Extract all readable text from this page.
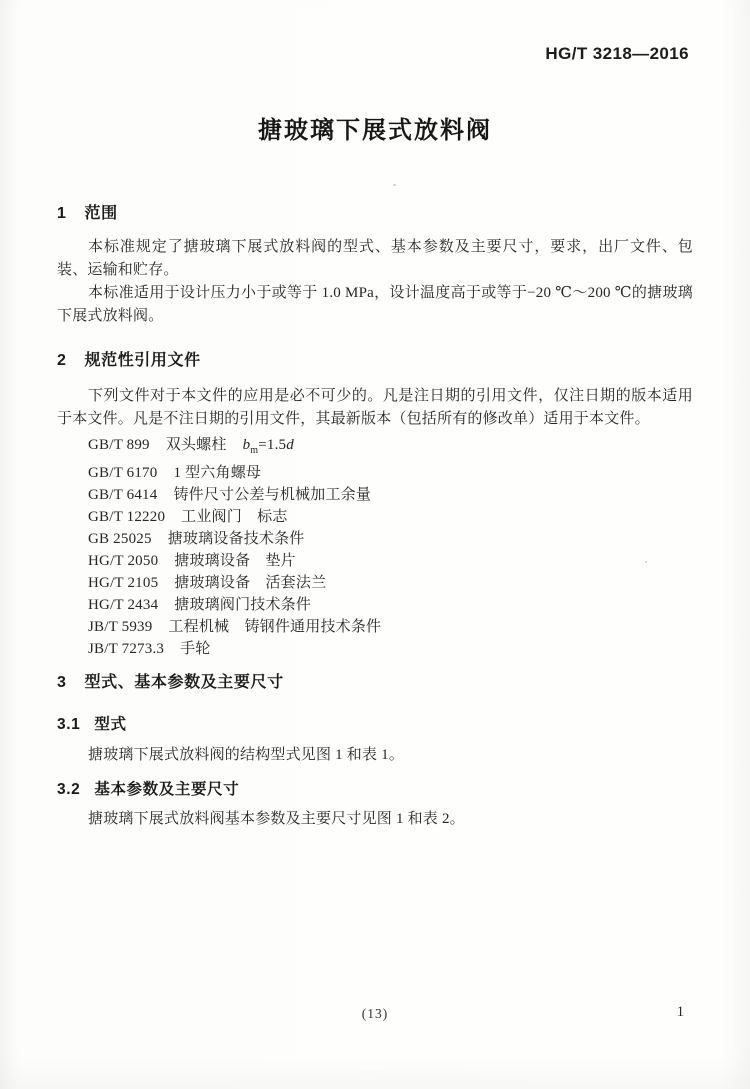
HG/T 3218—2016
搪玻璃下展式放料阀
1 范围

本标准规定了搪玻璃下展式放料阀的型式、基本参数及主要尺寸，要求，出厂文件、包装、运输和贮存。

本标准适用于设计压力小于或等于 1.0 MPa，设计温度高于或等于−20 ℃～200 ℃的搪玻璃下展式放料阀。

2 规范性引用文件

下列文件对于本文件的应用是必不可少的。凡是注日期的引用文件，仅注日期的版本适用于本文件。凡是不注日期的引用文件，其最新版本（包括所有的修改单）适用于本文件。

GB/T 899 双头螺柱 $b_m=1.5d$
GB/T 6170 1 型六角螺母
GB/T 6414 铸件尺寸公差与机械加工余量
GB/T 12220 工业阀门　标志
GB 25025 搪玻璃设备技术条件
HG/T 2050 搪玻璃设备　垫片
HG/T 2105 搪玻璃设备　活套法兰
HG/T 2434 搪玻璃阀门技术条件
JB/T 5939 工程机械　铸钢件通用技术条件
JB/T 7273.3 手轮
3 型式、基本参数及主要尺寸
3.1 型式

搪玻璃下展式放料阀的结构型式见图 1 和表 1。

3.2 基本参数及主要尺寸

搪玻璃下展式放料阀基本参数及主要尺寸见图 1 和表 2。

(13)	1
